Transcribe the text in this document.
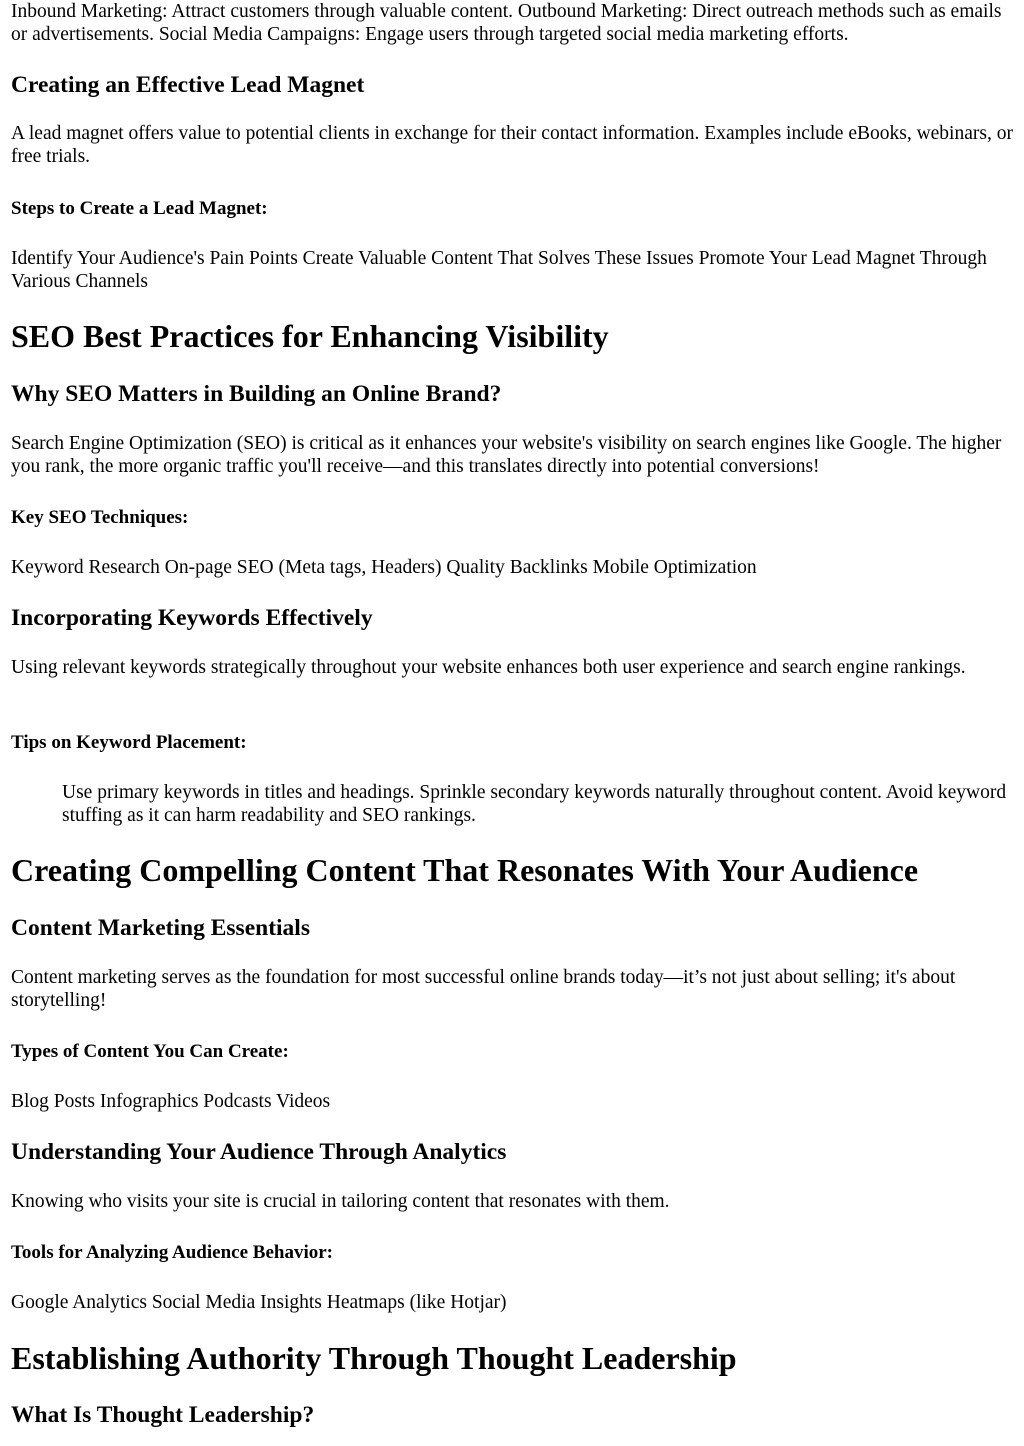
Inbound Marketing: Attract customers through valuable content. Outbound Marketing: Direct outreach methods such as emails or advertisements. Social Media Campaigns: Engage users through targeted social media marketing efforts.

Creating an Effective Lead Magnet

A lead magnet offers value to potential clients in exchange for their contact information. Examples include eBooks, webinars, or free trials.

Steps to Create a Lead Magnet:

Identify Your Audience's Pain Points Create Valuable Content That Solves These Issues Promote Your Lead Magnet Through Various Channels

SEO Best Practices for Enhancing Visibility
Why SEO Matters in Building an Online Brand?

Search Engine Optimization (SEO) is critical as it enhances your website's visibility on search engines like Google. The higher you rank, the more organic traffic you'll receive—and this translates directly into potential conversions!

Key SEO Techniques:

Keyword Research On-page SEO (Meta tags, Headers) Quality Backlinks Mobile Optimization

Incorporating Keywords Effectively

Using relevant keywords strategically throughout your website enhances both user experience and search engine rankings.

Tips on Keyword Placement:
Use primary keywords in titles and headings. Sprinkle secondary keywords naturally throughout content. Avoid keyword stuffing as it can harm readability and SEO rankings.
Creating Compelling Content That Resonates With Your Audience
Content Marketing Essentials

Content marketing serves as the foundation for most successful online brands today—it’s not just about selling; it's about storytelling!

Types of Content You Can Create:

Blog Posts Infographics Podcasts Videos

Understanding Your Audience Through Analytics

Knowing who visits your site is crucial in tailoring content that resonates with them.

Tools for Analyzing Audience Behavior:

Google Analytics Social Media Insights Heatmaps (like Hotjar)

Establishing Authority Through Thought Leadership
What Is Thought Leadership?
